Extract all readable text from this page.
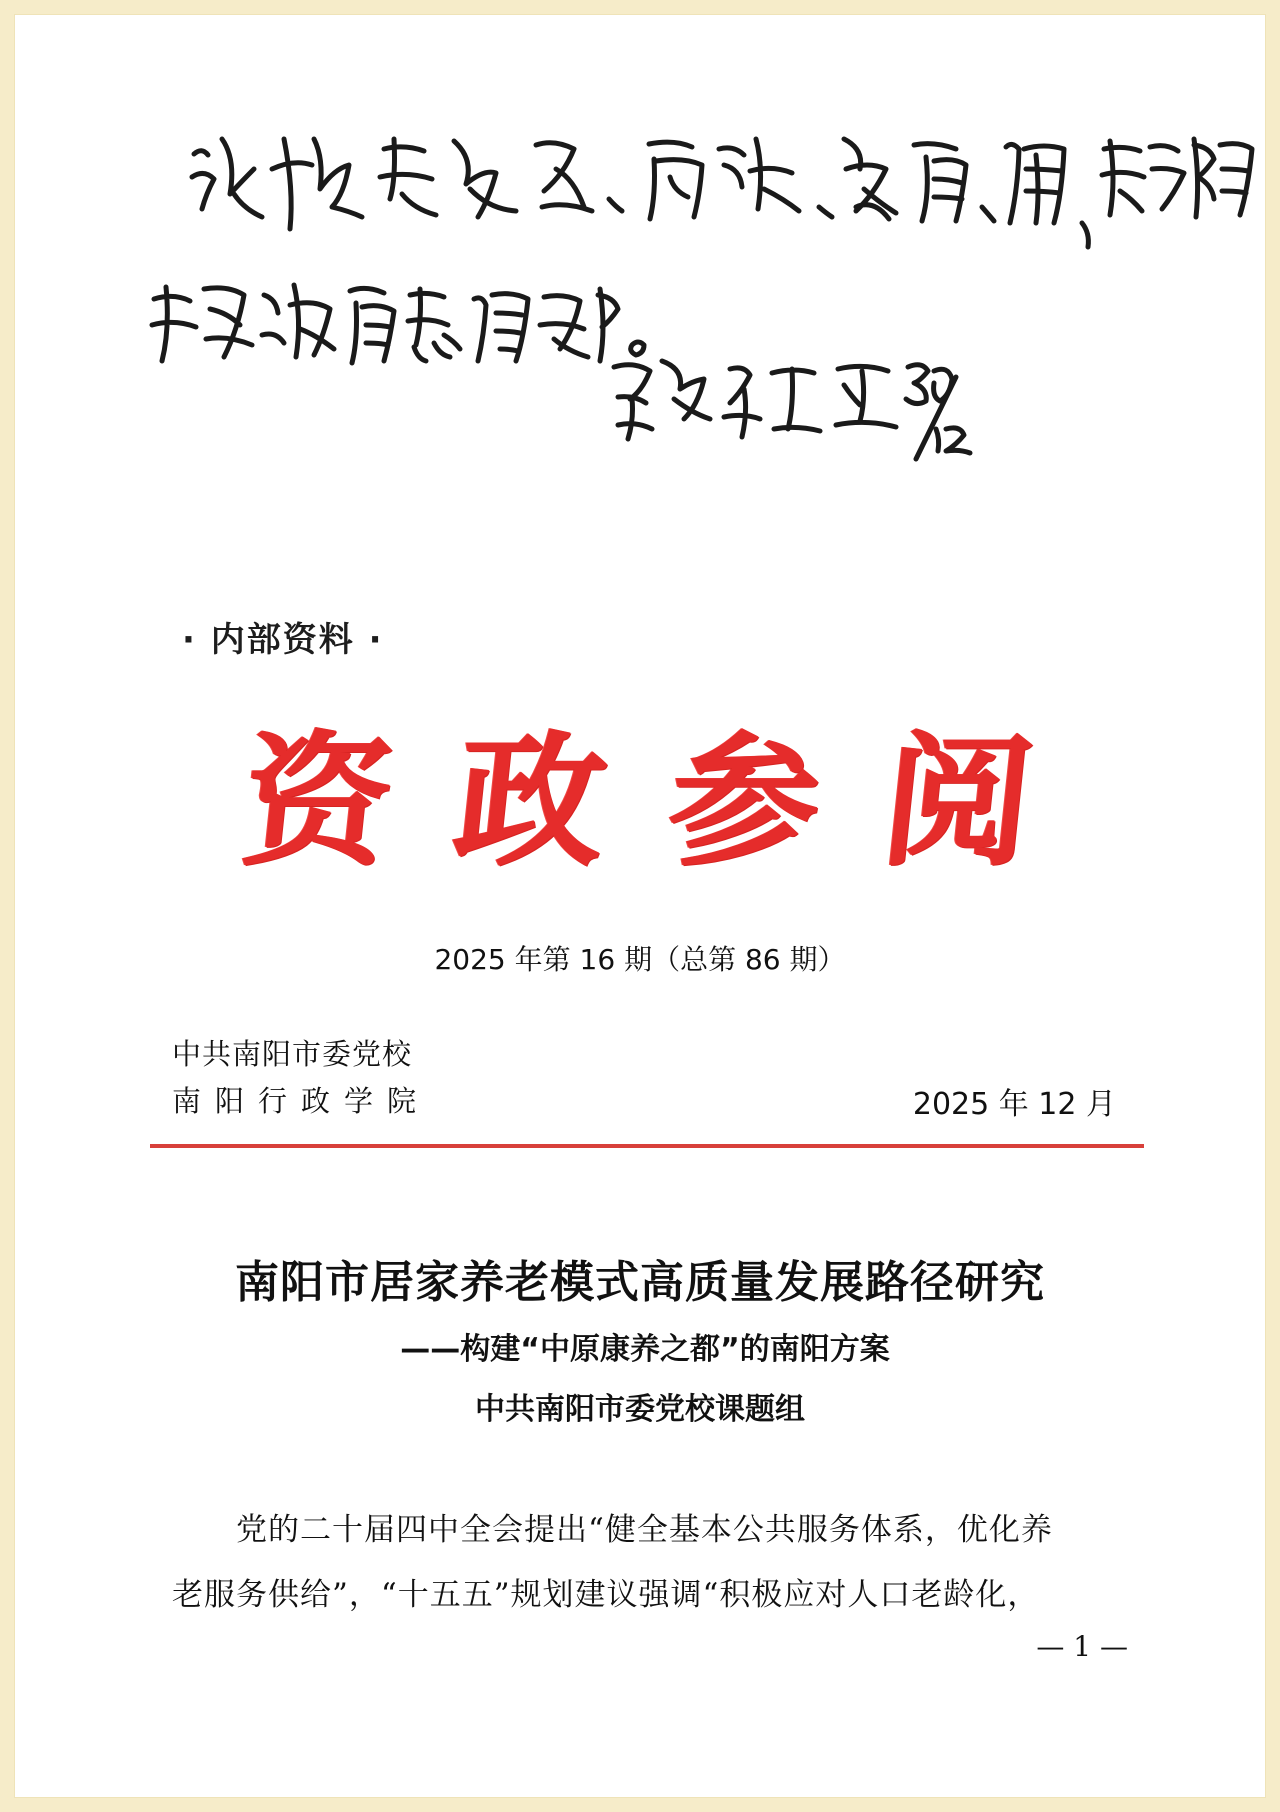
· 内部资料 ·
资 政 参 阅
2025 年第 16 期（总第 86 期）
中共南阳市委党校
南阳行政学院	2025 年 12 月
南阳市居家养老模式高质量发展路径研究
——构建“中原康养之都”的南阳方案
中共南阳市委党校课题组
党的二十届四中全会提出“健全基本公共服务体系，优化养
老服务供给”，“十五五”规划建议强调“积极应对人口老龄化，
— 1 —
